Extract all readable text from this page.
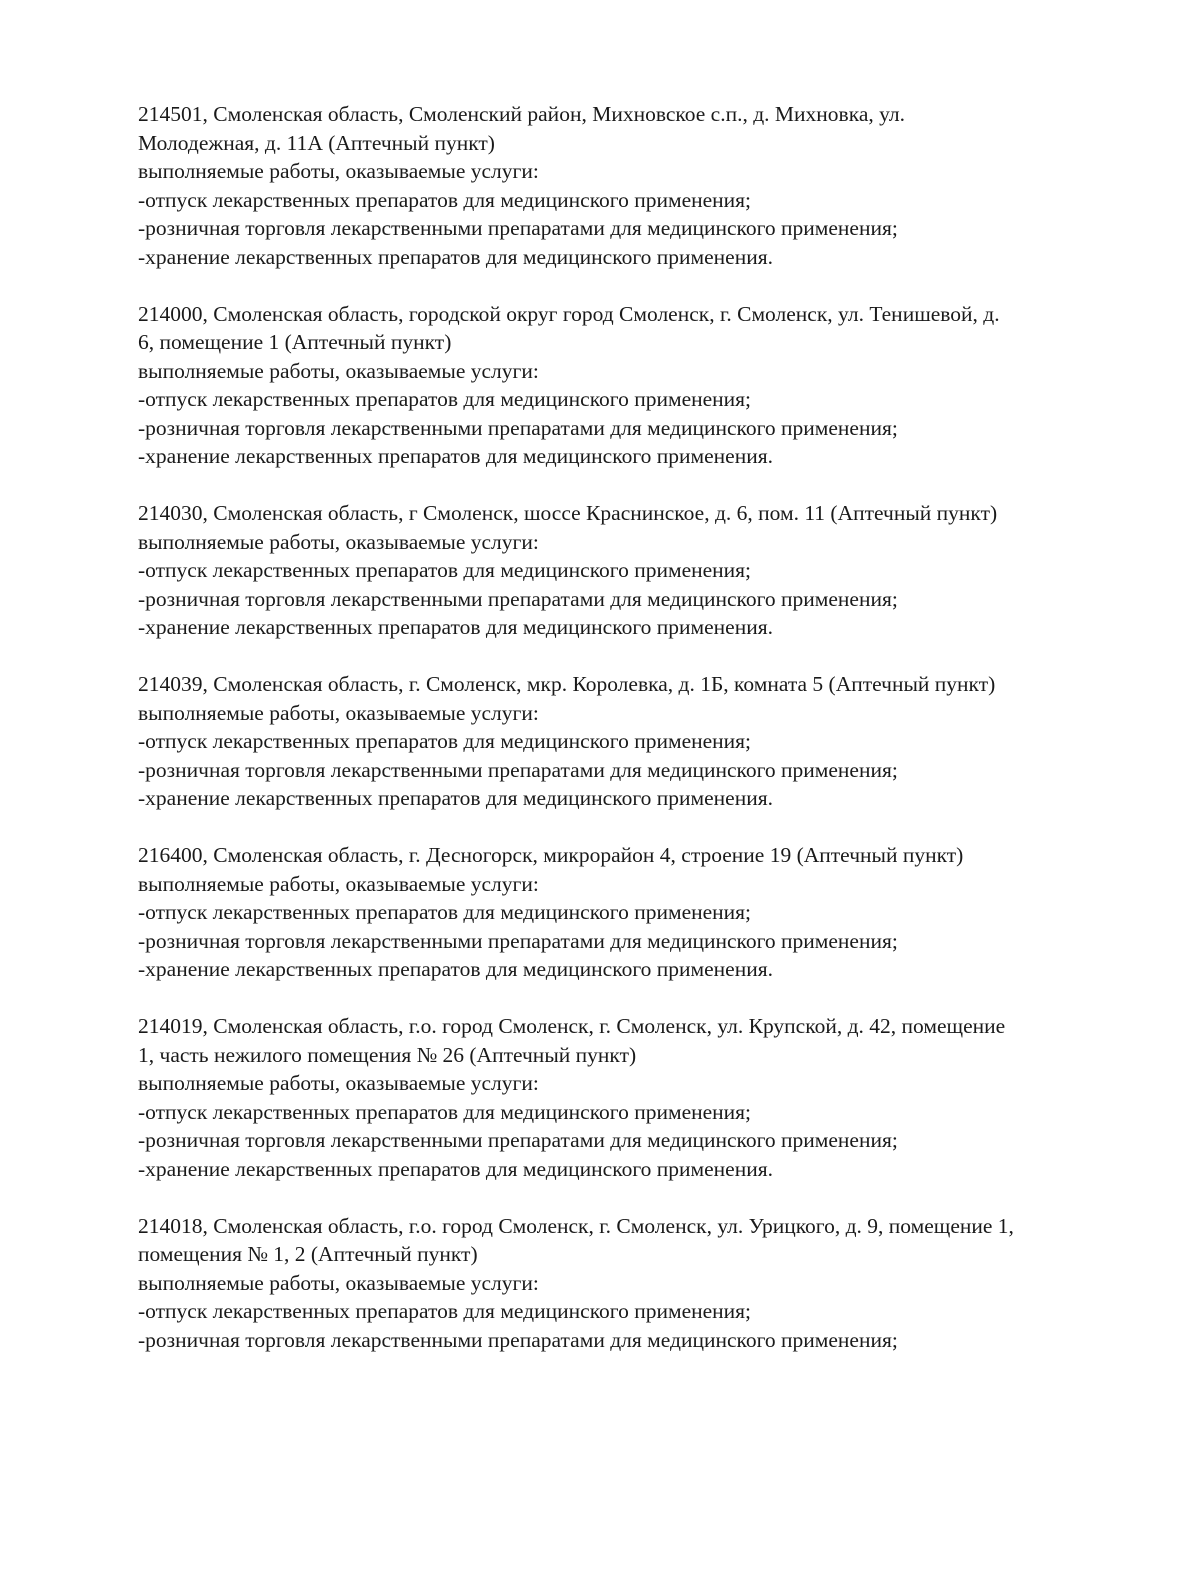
214501, Смоленская область, Смоленский район, Михновское с.п., д. Михновка, ул.
Молодежная, д. 11А (Аптечный пункт)
выполняемые работы, оказываемые услуги:
-отпуск лекарственных препаратов для медицинского применения;
-розничная торговля лекарственными препаратами для медицинского применения;
-хранение лекарственных препаратов для медицинского применения.
214000, Смоленская область, городской округ город Смоленск, г. Смоленск, ул. Тенишевой, д.
6, помещение 1 (Аптечный пункт)
выполняемые работы, оказываемые услуги:
-отпуск лекарственных препаратов для медицинского применения;
-розничная торговля лекарственными препаратами для медицинского применения;
-хранение лекарственных препаратов для медицинского применения.
214030, Смоленская область, г Смоленск, шоссе Краснинское, д. 6, пом. 11 (Аптечный пункт)
выполняемые работы, оказываемые услуги:
-отпуск лекарственных препаратов для медицинского применения;
-розничная торговля лекарственными препаратами для медицинского применения;
-хранение лекарственных препаратов для медицинского применения.
214039, Смоленская область, г. Смоленск, мкр. Королевка, д. 1Б, комната 5 (Аптечный пункт)
выполняемые работы, оказываемые услуги:
-отпуск лекарственных препаратов для медицинского применения;
-розничная торговля лекарственными препаратами для медицинского применения;
-хранение лекарственных препаратов для медицинского применения.
216400, Смоленская область, г. Десногорск, микрорайон 4, строение 19 (Аптечный пункт)
выполняемые работы, оказываемые услуги:
-отпуск лекарственных препаратов для медицинского применения;
-розничная торговля лекарственными препаратами для медицинского применения;
-хранение лекарственных препаратов для медицинского применения.
214019, Смоленская область, г.о. город Смоленск, г. Смоленск, ул. Крупской, д. 42, помещение
1, часть нежилого помещения № 26 (Аптечный пункт)
выполняемые работы, оказываемые услуги:
-отпуск лекарственных препаратов для медицинского применения;
-розничная торговля лекарственными препаратами для медицинского применения;
-хранение лекарственных препаратов для медицинского применения.
214018, Смоленская область, г.о. город Смоленск, г. Смоленск, ул. Урицкого, д. 9, помещение 1,
помещения № 1, 2 (Аптечный пункт)
выполняемые работы, оказываемые услуги:
-отпуск лекарственных препаратов для медицинского применения;
-розничная торговля лекарственными препаратами для медицинского применения;
